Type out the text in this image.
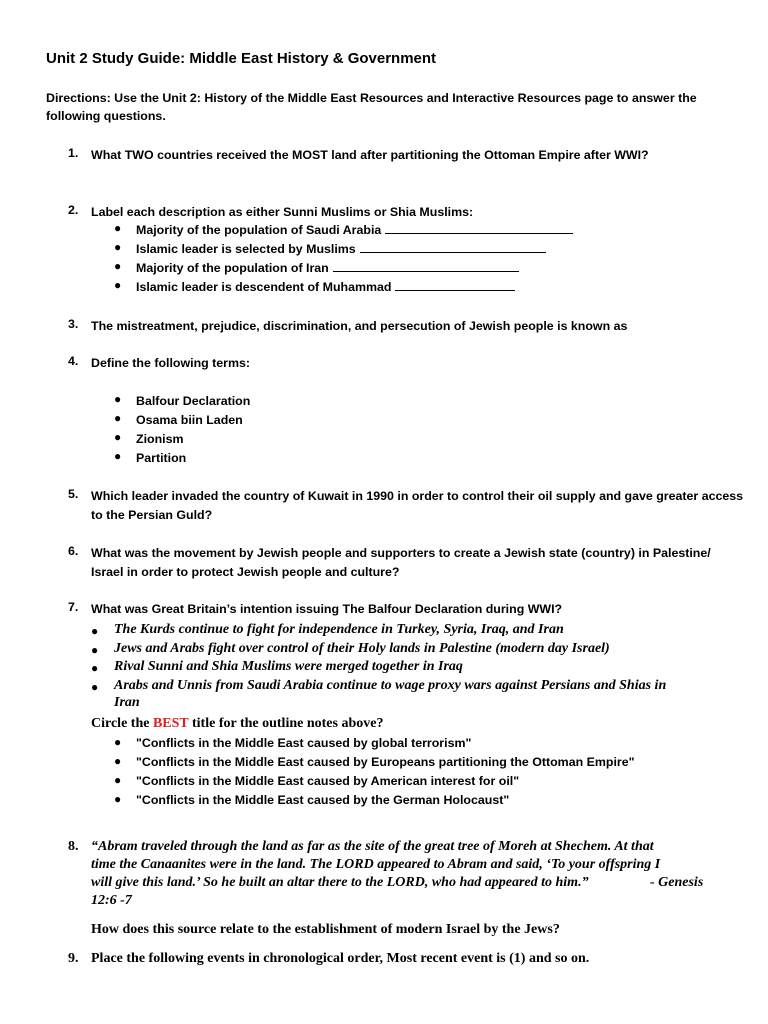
Unit 2 Study Guide: Middle East History & Government
Directions: Use the Unit 2: History of the Middle East Resources and Interactive Resources page to answer the
following questions.
1. What TWO countries received the MOST land after partitioning the Ottoman Empire after WWI?
2. Label each description as either Sunni Muslims or Shia Muslims:
● Majority of the population of Saudi Arabia
● Islamic leader is selected by Muslims
● Majority of the population of Iran
● Islamic leader is descendent of Muhammad
3. The mistreatment, prejudice, discrimination, and persecution of Jewish people is known as
4. Define the following terms:
● Balfour Declaration
● Osama biin Laden
● Zionism
● Partition
5. Which leader invaded the country of Kuwait in 1990 in order to control their oil supply and gave greater access
to the Persian Guld?
6. What was the movement by Jewish people and supporters to create a Jewish state (country) in Palestine/
Israel in order to protect Jewish people and culture?
7. What was Great Britain’s intention issuing The Balfour Declaration during WWI?
● The Kurds continue to fight for independence in Turkey, Syria, Iraq, and Iran
● Jews and Arabs fight over control of their Holy lands in Palestine (modern day Israel)
● Rival Sunni and Shia Muslims were merged together in Iraq
● Arabs and Unnis from Saudi Arabia continue to wage proxy wars against Persians and Shias in
Iran
Circle the BEST title for the outline notes above?
● "Conflicts in the Middle East caused by global terrorism"
● "Conflicts in the Middle East caused by Europeans partitioning the Ottoman Empire"
● "Conflicts in the Middle East caused by American interest for oil"
● "Conflicts in the Middle East caused by the German Holocaust"
8. “Abram traveled through the land as far as the site of the great tree of Moreh at Shechem. At that
time the Canaanites were in the land. The LORD appeared to Abram and said, ‘To your offspring I
will give this land.’ So he built an altar there to the LORD, who had appeared to him.”	- Genesis
12:6 -7
How does this source relate to the establishment of modern Israel by the Jews?
9. Place the following events in chronological order, Most recent event is (1) and so on.
